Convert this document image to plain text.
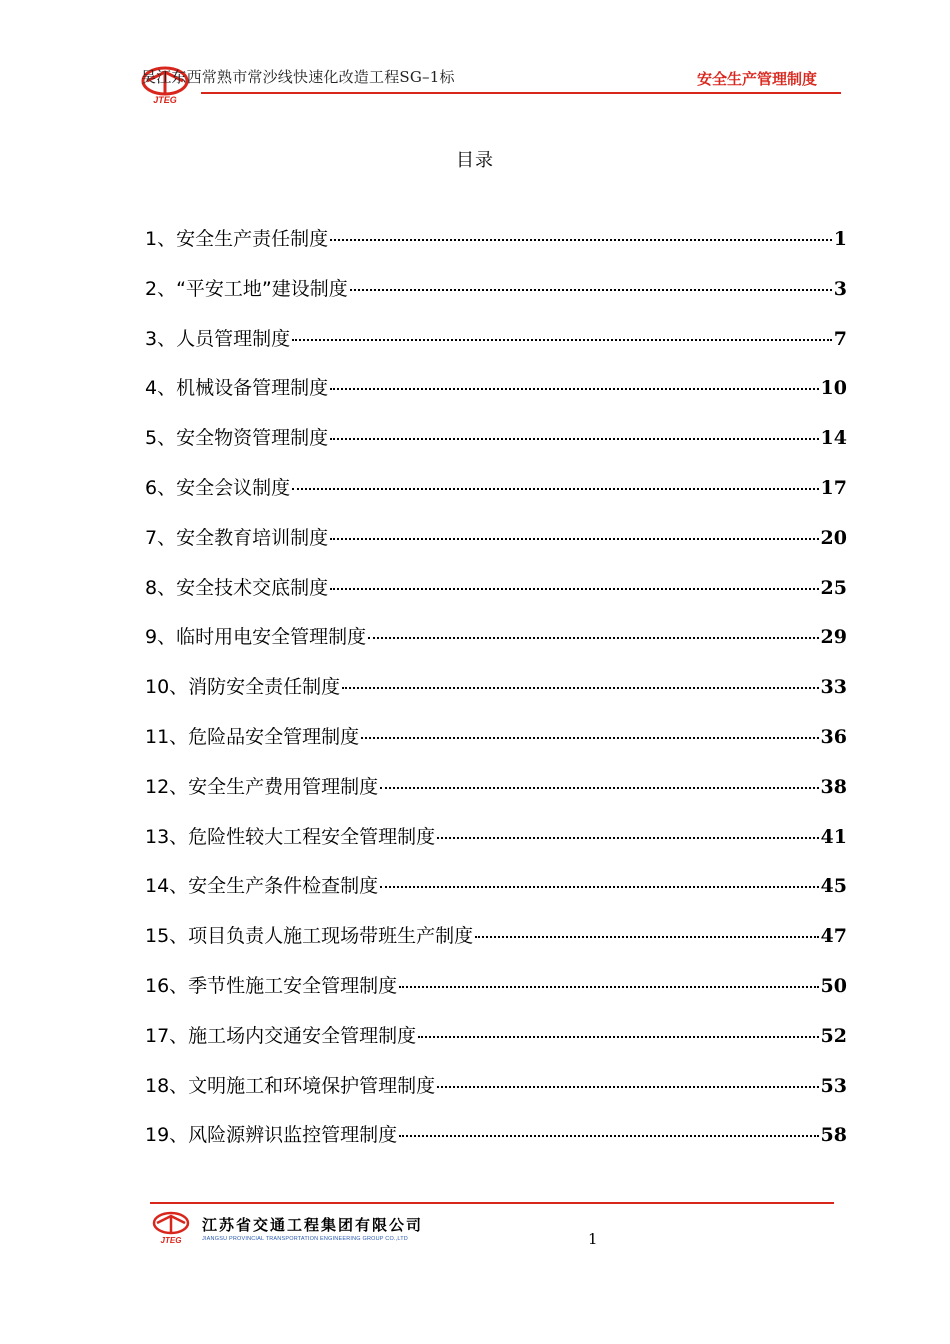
JTEG
吴江东西常熟市常沙线快速化改造工程SG–1标	安全生产管理制度
目录
1、安全生产责任制度	1
2、“平安工地”建设制度	3
3、人员管理制度	7
4、机械设备管理制度	10
5、安全物资管理制度	14
6、安全会议制度	17
7、安全教育培训制度	20
8、安全技术交底制度	25
9、临时用电安全管理制度	29
10、消防安全责任制度	33
11、危险品安全管理制度	36
12、安全生产费用管理制度	38
13、危险性较大工程安全管理制度	41
14、安全生产条件检查制度	45
15、项目负责人施工现场带班生产制度	47
16、季节性施工安全管理制度	50
17、施工场内交通安全管理制度	52
18、文明施工和环境保护管理制度	53
19、风险源辨识监控管理制度	58
JTEG
江苏省交通工程集团有限公司
JIANGSU PROVINCIAL TRANSPORTATION ENGINEERING GROUP CO.,LTD	1
